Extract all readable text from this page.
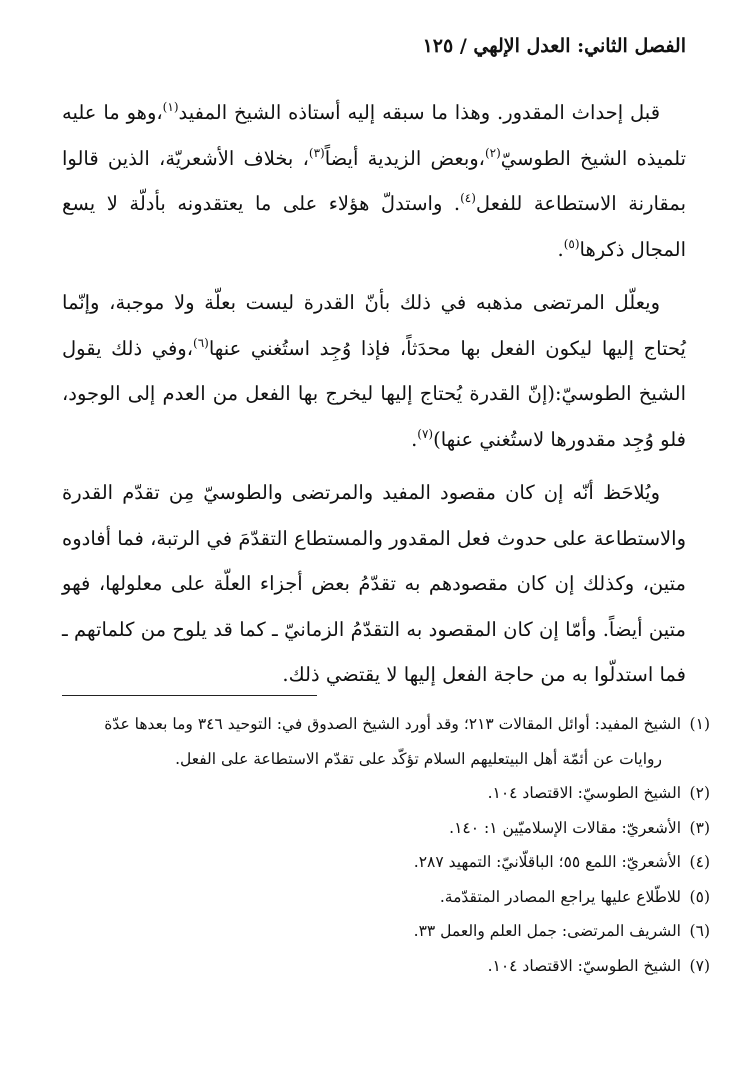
الفصل الثاني: العدل الإلهي / ١٢٥

قبل إحداث المقدور. وهذا ما سبقه إليه أستاذه الشيخ المفيد$^{(١)}$،وهو ما عليه تلميذه الشيخ الطوسيّ$^{(٢)}$،وبعض الزيدية أيضاً$^{(٣)}$، بخلاف الأشعريّة، الذين قالوا بمقارنة الاستطاعة للفعل$^{(٤)}$. واستدلّ هؤلاء على ما يعتقدونه بأدلّة لا يسع المجال ذكرها$^{(٥)}$.

ويعلّل المرتضى مذهبه في ذلك بأنّ القدرة ليست بعلّة ولا موجبة، وإنّما يُحتاج إليها ليكون الفعل بها محدَثاً، فإذا وُجِد استُغني عنها$^{(٦)}$،وفي ذلك يقول الشيخ الطوسيّ:(إنّ القدرة يُحتاج إليها ليخرج بها الفعل من العدم إلى الوجود، فلو وُجِد مقدورها لاستُغني عنها)$^{(٧)}$.

ويُلاحَظ أنّه إن كان مقصود المفيد والمرتضى والطوسيّ مِن تقدّم القدرة والاستطاعة على حدوث فعل المقدور والمستطاع التقدّمَ في الرتبة، فما أفادوه متين، وكذلك إن كان مقصودهم به تقدّمُ بعض أجزاء العلّة على معلولها، فهو متين أيضاً. وأمّا إن كان المقصود به التقدّمُ الزمانيّ ـ كما قد يلوح من كلماتهم ـ فما استدلّوا به من حاجة الفعل إليها لا يقتضي ذلك.

(١)الشيخ المفيد: أوائل المقالات ٢١٣؛ وقد أورد الشيخ الصدوق في: التوحيد ٣٤٦ وما بعدها عدّة روايات عن أئمّة أهل البيتعليهم السلام تؤكّد على تقدّم الاستطاعة على الفعل.

(٢)الشيخ الطوسيّ: الاقتصاد ١٠٤.

(٣)الأشعريّ: مقالات الإسلاميّين ١: ١٤٠.

(٤)الأشعريّ: اللمع ٥٥؛ الباقلّانيّ: التمهيد ٢٨٧.

(٥)للاطّلاع عليها يراجع المصادر المتقدّمة.

(٦)الشريف المرتضى: جمل العلم والعمل ٣٣.

(٧)الشيخ الطوسيّ: الاقتصاد ١٠٤.
